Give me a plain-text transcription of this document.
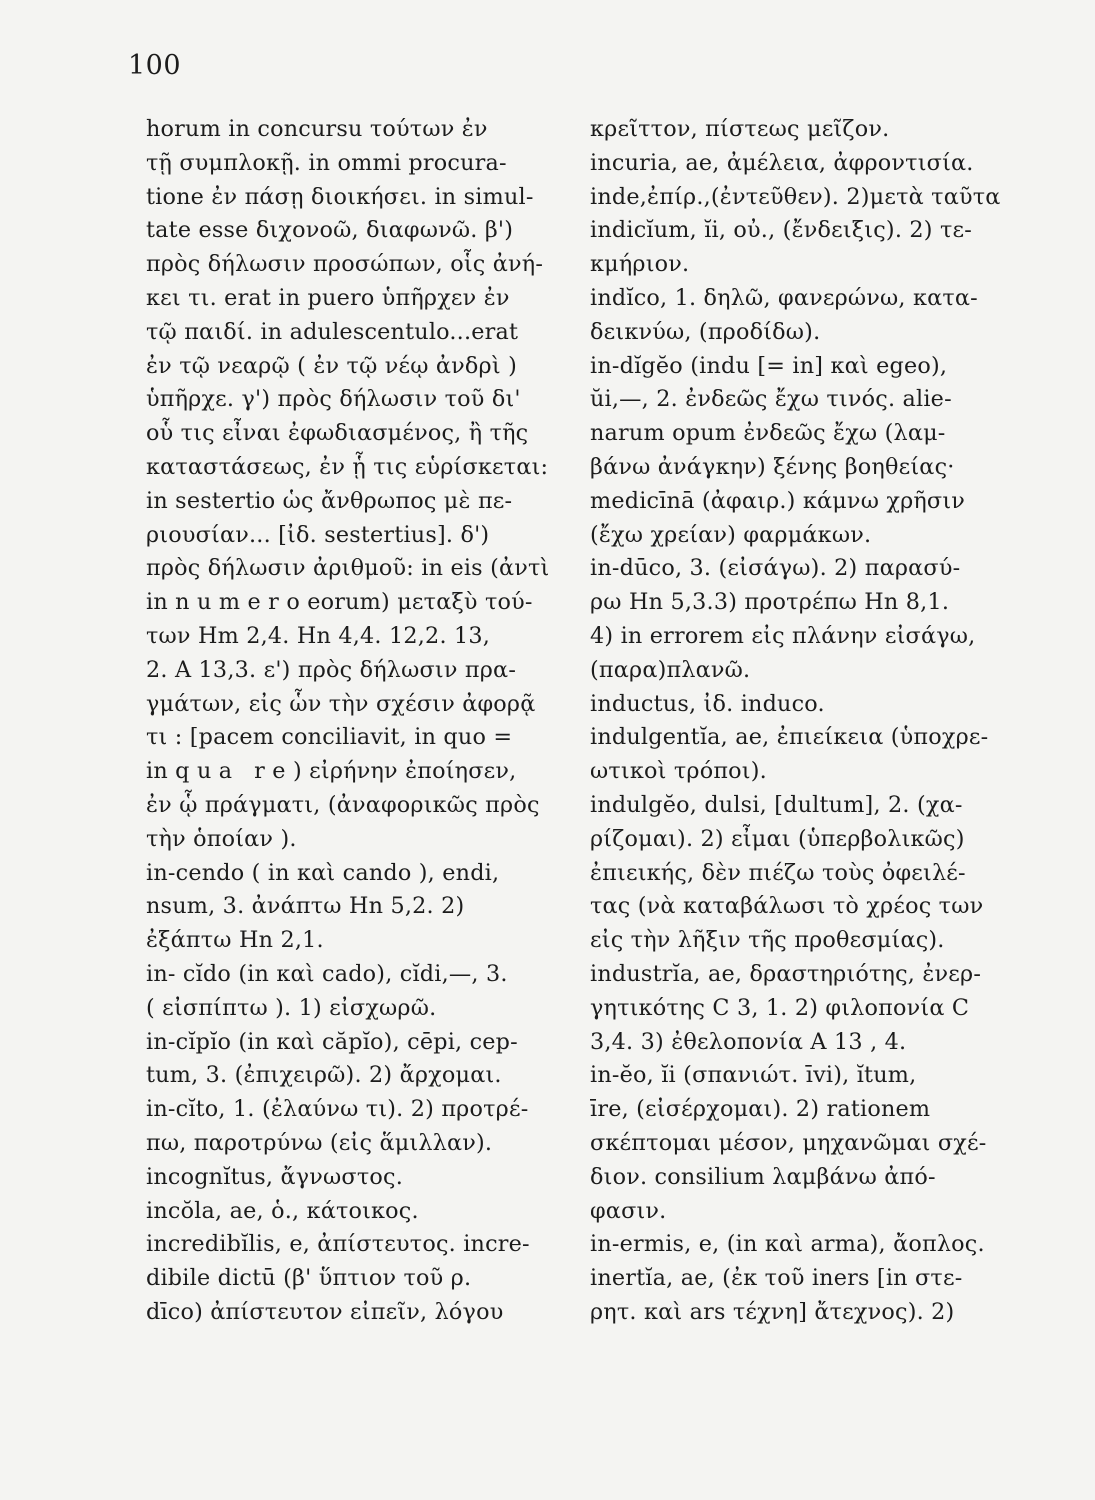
100
horum in concursu τούτων ἐν
τῇ συμπλοκῇ. in ommi procura-
tione ἐν πάσῃ διοικήσει. in simul-
tate esse διχονοῶ, διαφωνῶ. β')
πρὸς δήλωσιν προσώπων, οἷς ἀνή-
κει τι. erat in puero ὑπῆρχεν ἐν
τῷ παιδί. in adulescentulo...erat
ἐν τῷ νεαρῷ ( ἐν τῷ νέῳ ἀνδρὶ )
ὑπῆρχε. γ') πρὸς δήλωσιν τοῦ δι'
οὗ τις εἶναι ἐφωδιασμένος, ἢ τῆς
καταστάσεως, ἐν ᾗ τις εὑρίσκεται:
in sestertio ὡς ἄνθρωπος μὲ πε-
ριουσίαν... [ἰδ. sestertius]. δ')
πρὸς δήλωσιν ἀριθμοῦ: in eis (ἀντὶ
in n u m e r o eorum) μεταξὺ τού-
των Hm 2,4. Hn 4,4. 12,2. 13,
2. A 13,3. ε') πρὸς δήλωσιν πρα-
γμάτων, εἰς ὧν τὴν σχέσιν ἀφορᾷ
τι : [pacem conciliavit, in quo =
in q u a   r e ) εἰρήνην ἐποίησεν,
ἐν ᾧ πράγματι, (ἀναφορικῶς πρὸς
τὴν ὁποίαν ).
in-cendo ( in καὶ cando ), endi,
nsum, 3. ἀνάπτω Hn 5,2. 2)
ἐξάπτω Hn 2,1.
in- cĭdo (in καὶ cado), cĭdi,—, 3.
( εἰσπίπτω ). 1) εἰσχωρῶ.
in-cĭpĭo (in καὶ căpĭo), cēpi, cep-
tum, 3. (ἐπιχειρῶ). 2) ἄρχομαι.
in-cĭto, 1. (ἐλαύνω τι). 2) προτρέ-
πω, παροτρύνω (εἰς ἅμιλλαν).
incognĭtus, ἄγνωστος.
incŏla, ae, ὁ., κάτοικος.
incredibĭlis, e, ἀπίστευτος. incre-
dibile dictū (β' ὕπτιον τοῦ ρ.
dīco) ἀπίστευτον εἰπεῖν, λόγου
κρεῖττον, πίστεως μεῖζον.
incuria, ae, ἀμέλεια, ἀφροντισία.
inde,ἐπίρ.,(ἐντεῦθεν). 2)μετὰ ταῦτα
indicĭum, ĭi, οὐ., (ἔνδειξις). 2) τε-
κμήριον.
indĭco, 1. δηλῶ, φανερώνω, κατα-
δεικνύω, (προδίδω).
in-dĭgĕo (indu [= in] καὶ egeo),
ŭi,—, 2. ἐνδεῶς ἔχω τινός. alie-
narum opum ἐνδεῶς ἔχω (λαμ-
βάνω ἀνάγκην) ξένης βοηθείας·
medicīnā (ἀφαιρ.) κάμνω χρῆσιν
(ἔχω χρείαν) φαρμάκων.
in-dūco, 3. (εἰσάγω). 2) παρασύ-
ρω Hn 5,3.3) προτρέπω Hn 8,1.
4) in errorem εἰς πλάνην εἰσάγω,
(παρα)πλανῶ.
inductus, ἰδ. induco.
indulgentĭa, ae, ἐπιείκεια (ὑποχρε-
ωτικοὶ τρόποι).
indulgĕo, dulsi, [dultum], 2. (χα-
ρίζομαι). 2) εἶμαι (ὑπερβολικῶς)
ἐπιεικής, δὲν πιέζω τοὺς ὀφειλέ-
τας (νὰ καταβάλωσι τὸ χρέος των
εἰς τὴν λῆξιν τῆς προθεσμίας).
industrĭa, ae, δραστηριότης, ἐνερ-
γητικότης C 3, 1. 2) φιλοπονία C
3,4. 3) ἐθελοπονία A 13 , 4.
in-ĕo, ĭi (σπανιώτ. īvi), ĭtum,
īre, (εἰσέρχομαι). 2) rationem
σκέπτομαι μέσον, μηχανῶμαι σχέ-
διον. consilium λαμβάνω ἀπό-
φασιν.
in-ermis, e, (in καὶ arma), ἄοπλος.
inertĭa, ae, (ἐκ τοῦ iners [in στε-
ρητ. καὶ ars τέχνη] ἄτεχνος). 2)
